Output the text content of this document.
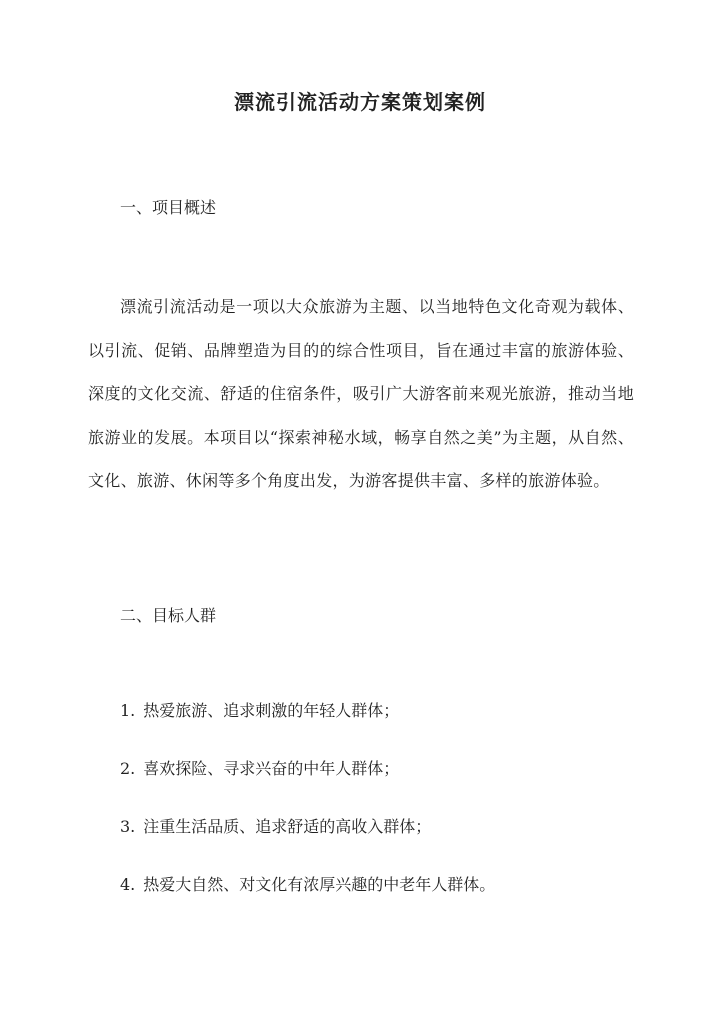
漂流引流活动方案策划案例
一、项目概述

漂流引流活动是一项以大众旅游为主题、以当地特色文化奇观为载体、以引流、促销、品牌塑造为目的的综合性项目，旨在通过丰富的旅游体验、深度的文化交流、舒适的住宿条件，吸引广大游客前来观光旅游，推动当地旅游业的发展。本项目以“探索神秘水域，畅享自然之美”为主题，从自然、文化、旅游、休闲等多个角度出发，为游客提供丰富、多样的旅游体验。

二、目标人群
1. 热爱旅游、追求刺激的年轻人群体；
2. 喜欢探险、寻求兴奋的中年人群体；
3. 注重生活品质、追求舒适的高收入群体；
4. 热爱大自然、对文化有浓厚兴趣的中老年人群体。
